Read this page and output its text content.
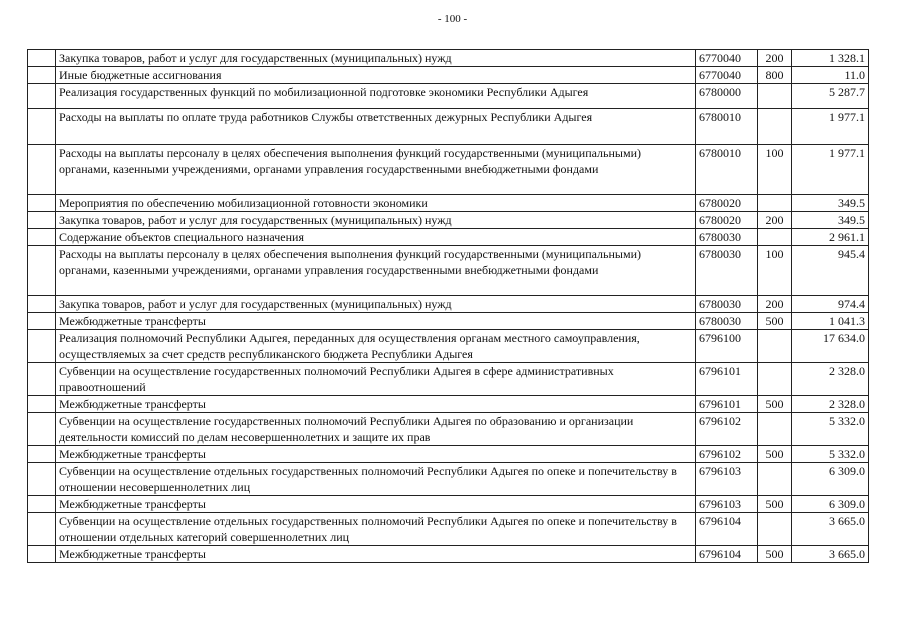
- 100 -
	Закупка товаров, работ и услуг для государственных (муниципальных) нужд	6770040	200	1 328.1
	Иные бюджетные ассигнования	6770040	800	11.0
	Реализация государственных функций по мобилизационной подготовке экономики Республики Адыгея	6780000		5 287.7
	Расходы на выплаты по оплате труда работников Службы ответственных дежурных Республики Адыгея	6780010		1 977.1
	Расходы на выплаты персоналу в целях обеспечения выполнения функций государственными (муниципальными) органами, казенными учреждениями, органами управления государственными внебюджетными фондами	6780010	100	1 977.1
	Мероприятия по обеспечению мобилизационной готовности экономики	6780020		349.5
	Закупка товаров, работ и услуг для государственных (муниципальных) нужд	6780020	200	349.5
	Содержание объектов специального назначения	6780030		2 961.1
	Расходы на выплаты персоналу в целях обеспечения выполнения функций государственными (муниципальными) органами, казенными учреждениями, органами управления государственными внебюджетными фондами	6780030	100	945.4
	Закупка товаров, работ и услуг для государственных (муниципальных) нужд	6780030	200	974.4
	Межбюджетные трансферты	6780030	500	1 041.3
	Реализация полномочий Республики Адыгея, переданных для осуществления органам местного самоуправления, осуществляемых за счет средств республиканского бюджета Республики Адыгея	6796100		17 634.0
	Субвенции на осуществление государственных полномочий Республики Адыгея в сфере административных правоотношений	6796101		2 328.0
	Межбюджетные трансферты	6796101	500	2 328.0
	Субвенции на осуществление государственных полномочий Республики Адыгея по образованию и организации деятельности комиссий по делам несовершеннолетних и защите их прав	6796102		5 332.0
	Межбюджетные трансферты	6796102	500	5 332.0
	Субвенции на осуществление отдельных государственных полномочий Республики Адыгея по опеке и попечительству в отношении несовершеннолетних лиц	6796103		6 309.0
	Межбюджетные трансферты	6796103	500	6 309.0
	Субвенции на осуществление отдельных государственных полномочий Республики Адыгея по опеке и попечительству в отношении отдельных категорий совершеннолетних лиц	6796104		3 665.0
	Межбюджетные трансферты	6796104	500	3 665.0
